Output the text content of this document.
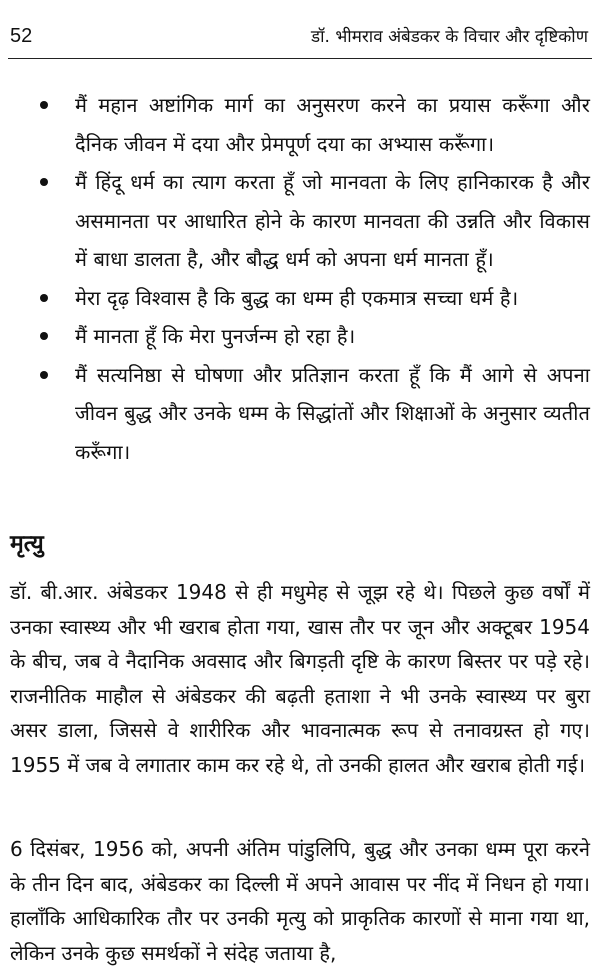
52	डॉ. भीमराव अंबेडकर के विचार और दृष्टिकोण
मैं महान अष्टांगिक मार्ग का अनुसरण करने का प्रयास करूँगा और दैनिक जीवन में दया और प्रेमपूर्ण दया का अभ्यास करूँगा।
मैं हिंदू धर्म का त्याग करता हूँ जो मानवता के लिए हानिकारक है और असमानता पर आधारित होने के कारण मानवता की उन्नति और विकास में बाधा डालता है, और बौद्ध धर्म को अपना धर्म मानता हूँ।
मेरा दृढ़ विश्वास है कि बुद्ध का धम्म ही एकमात्र सच्चा धर्म है।
मैं मानता हूँ कि मेरा पुनर्जन्म हो रहा है।
मैं सत्यनिष्ठा से घोषणा और प्रतिज्ञान करता हूँ कि मैं आगे से अपना जीवन बुद्ध और उनके धम्म के सिद्धांतों और शिक्षाओं के अनुसार व्यतीत करूँगा।
मृत्यु

डॉ. बी.आर. अंबेडकर 1948 से ही मधुमेह से जूझ रहे थे। पिछले कुछ वर्षों में उनका स्वास्थ्य और भी खराब होता गया, खास तौर पर जून और अक्टूबर 1954 के बीच, जब वे नैदानिक अवसाद और बिगड़ती दृष्टि के कारण बिस्तर पर पड़े रहे। राजनीतिक माहौल से अंबेडकर की बढ़ती हताशा ने भी उनके स्वास्थ्य पर बुरा असर डाला, जिससे वे शारीरिक और भावनात्मक रूप से तनावग्रस्त हो गए। 1955 में जब वे लगातार काम कर रहे थे, तो उनकी हालत और खराब होती गई।

6 दिसंबर, 1956 को, अपनी अंतिम पांडुलिपि, बुद्ध और उनका धम्म पूरा करने के तीन दिन बाद, अंबेडकर का दिल्ली में अपने आवास पर नींद में निधन हो गया। हालाँकि आधिकारिक तौर पर उनकी मृत्यु को प्राकृतिक कारणों से माना गया था, लेकिन उनके कुछ समर्थकों ने संदेह जताया है,
